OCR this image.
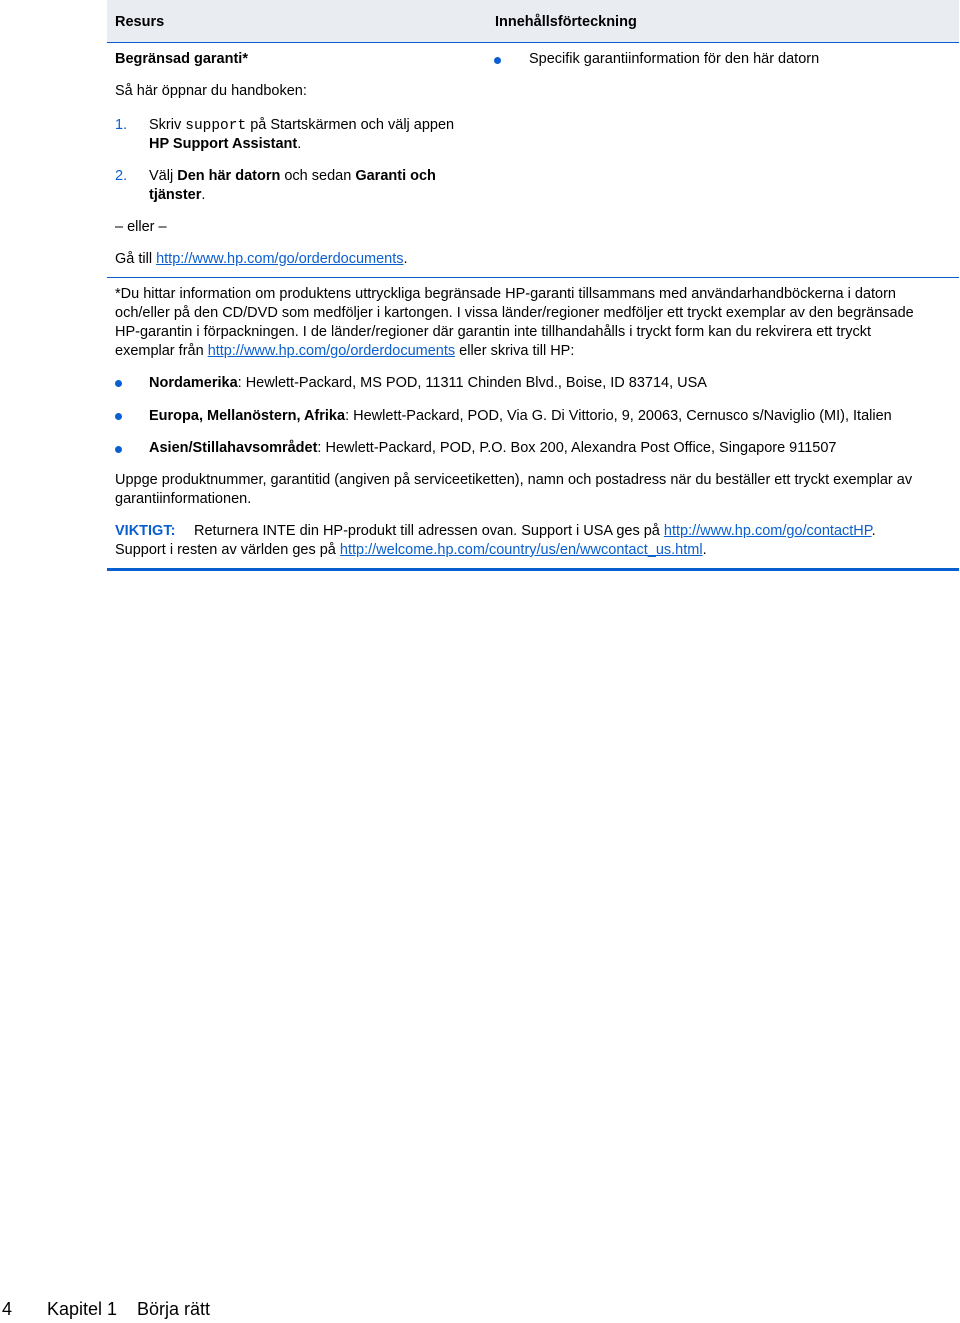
Resurs	Innehållsförteckning
Begränsad garanti*	Specifik garantiinformation för den här datorn
Så här öppnar du handboken:
1. Skriv support på Startskärmen och välj appen
HP Support Assistant.
2. Välj Den här datorn och sedan Garanti och
tjänster.
– eller –
Gå till http://www.hp.com/go/orderdocuments.
*Du hittar information om produktens uttryckliga begränsade HP-garanti tillsammans med användarhandböckerna i datorn
och/eller på den CD/DVD som medföljer i kartongen. I vissa länder/regioner medföljer ett tryckt exemplar av den begränsade
HP-garantin i förpackningen. I de länder/regioner där garantin inte tillhandahålls i tryckt form kan du rekvirera ett tryckt
exemplar från http://www.hp.com/go/orderdocuments eller skriva till HP:
Nordamerika: Hewlett-Packard, MS POD, 11311 Chinden Blvd., Boise, ID 83714, USA
Europa, Mellanöstern, Afrika: Hewlett-Packard, POD, Via G. Di Vittorio, 9, 20063, Cernusco s/Naviglio (MI), Italien
Asien/Stillahavsområdet: Hewlett-Packard, POD, P.O. Box 200, Alexandra Post Office, Singapore 911507
Uppge produktnummer, garantitid (angiven på serviceetiketten), namn och postadress när du beställer ett tryckt exemplar av
garantiinformationen.
VIKTIGT: Returnera INTE din HP-produkt till adressen ovan. Support i USA ges på http://www.hp.com/go/contactHP.
Support i resten av världen ges på http://welcome.hp.com/country/us/en/wwcontact_us.html.
4 Kapitel 1 Börja rätt
